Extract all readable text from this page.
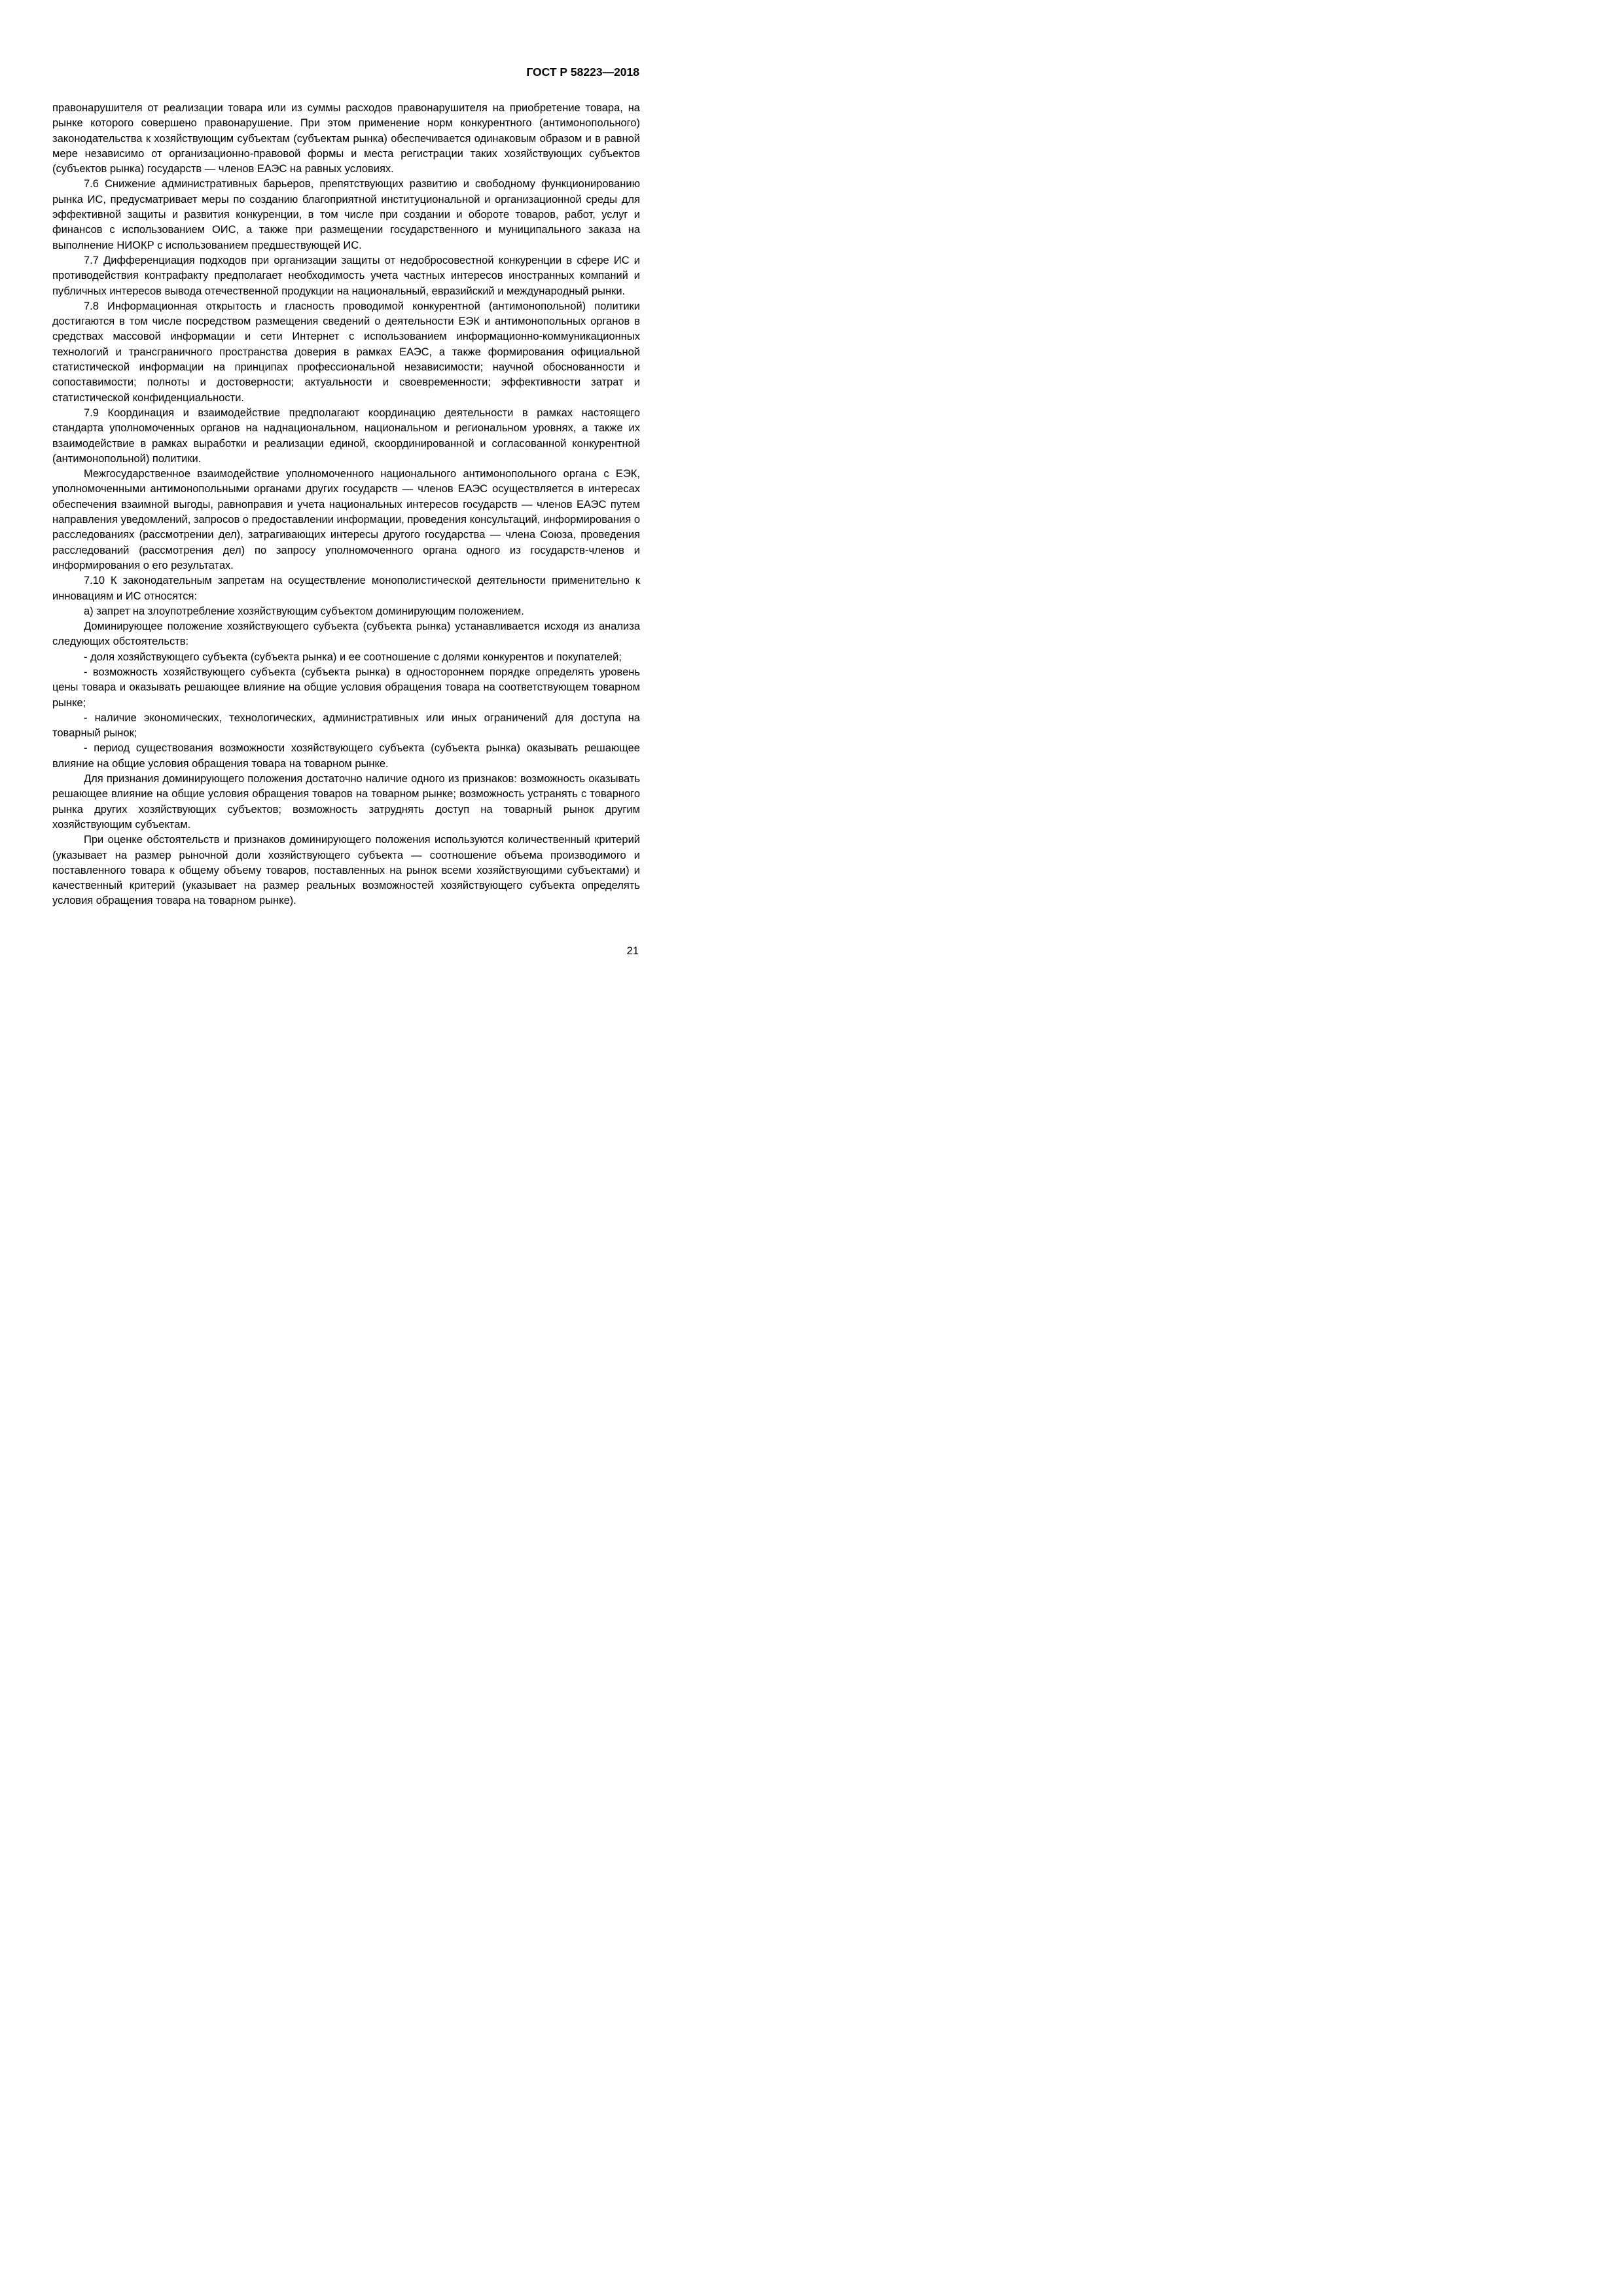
ГОСТ Р 58223—2018

правонарушителя от реализации товара или из суммы расходов правонарушителя на приобретение товара, на рынке которого совершено правонарушение. При этом применение норм конкурентного (антимонопольного) законодательства к хозяйствующим субъектам (субъектам рынка) обеспечивается одинаковым образом и в равной мере независимо от организационно-правовой формы и места регистрации таких хозяйствующих субъектов (субъектов рынка) государств — членов ЕАЭС на равных условиях.

7.6 Снижение административных барьеров, препятствующих развитию и свободному функционированию рынка ИС, предусматривает меры по созданию благоприятной институциональной и организационной среды для эффективной защиты и развития конкуренции, в том числе при создании и обороте товаров, работ, услуг и финансов с использованием ОИС, а также при размещении государственного и муниципального заказа на выполнение НИОКР с использованием предшествующей ИС.

7.7 Дифференциация подходов при организации защиты от недобросовестной конкуренции в сфере ИС и противодействия контрафакту предполагает необходимость учета частных интересов иностранных компаний и публичных интересов вывода отечественной продукции на национальный, евразийский и международный рынки.

7.8 Информационная открытость и гласность проводимой конкурентной (антимонопольной) политики достигаются в том числе посредством размещения сведений о деятельности ЕЭК и антимонопольных органов в средствах массовой информации и сети Интернет с использованием информационно-коммуникационных технологий и трансграничного пространства доверия в рамках ЕАЭС, а также формирования официальной статистической информации на принципах профессиональной независимости; научной обоснованности и сопоставимости; полноты и достоверности; актуальности и своевременности; эффективности затрат и статистической конфиденциальности.

7.9 Координация и взаимодействие предполагают координацию деятельности в рамках настоящего стандарта уполномоченных органов на наднациональном, национальном и региональном уровнях, а также их взаимодействие в рамках выработки и реализации единой, скоординированной и согласованной конкурентной (антимонопольной) политики.

Межгосударственное взаимодействие уполномоченного национального антимонопольного органа с ЕЭК, уполномоченными антимонопольными органами других государств — членов ЕАЭС осуществляется в интересах обеспечения взаимной выгоды, равноправия и учета национальных интересов государств — членов ЕАЭС путем направления уведомлений, запросов о предоставлении информации, проведения консультаций, информирования о расследованиях (рассмотрении дел), затрагивающих интересы другого государства — члена Союза, проведения расследований (рассмотрения дел) по запросу уполномоченного органа одного из государств-членов и информирования о его результатах.

7.10 К законодательным запретам на осуществление монополистической деятельности применительно к инновациям и ИС относятся:

а) запрет на злоупотребление хозяйствующим субъектом доминирующим положением.

Доминирующее положение хозяйствующего субъекта (субъекта рынка) устанавливается исходя из анализа следующих обстоятельств:

- доля хозяйствующего субъекта (субъекта рынка) и ее соотношение с долями конкурентов и покупателей;

- возможность хозяйствующего субъекта (субъекта рынка) в одностороннем порядке определять уровень цены товара и оказывать решающее влияние на общие условия обращения товара на соответствующем товарном рынке;

- наличие экономических, технологических, административных или иных ограничений для доступа на товарный рынок;

- период существования возможности хозяйствующего субъекта (субъекта рынка) оказывать решающее влияние на общие условия обращения товара на товарном рынке.

Для признания доминирующего положения достаточно наличие одного из признаков: возможность оказывать решающее влияние на общие условия обращения товаров на товарном рынке; возможность устранять с товарного рынка других хозяйствующих субъектов; возможность затруднять доступ на товарный рынок другим хозяйствующим субъектам.

При оценке обстоятельств и признаков доминирующего положения используются количественный критерий (указывает на размер рыночной доли хозяйствующего субъекта — соотношение объема производимого и поставленного товара к общему объему товаров, поставленных на рынок всеми хозяйствующими субъектами) и качественный критерий (указывает на размер реальных возможностей хозяйствующего субъекта определять условия обращения товара на товарном рынке).

21
